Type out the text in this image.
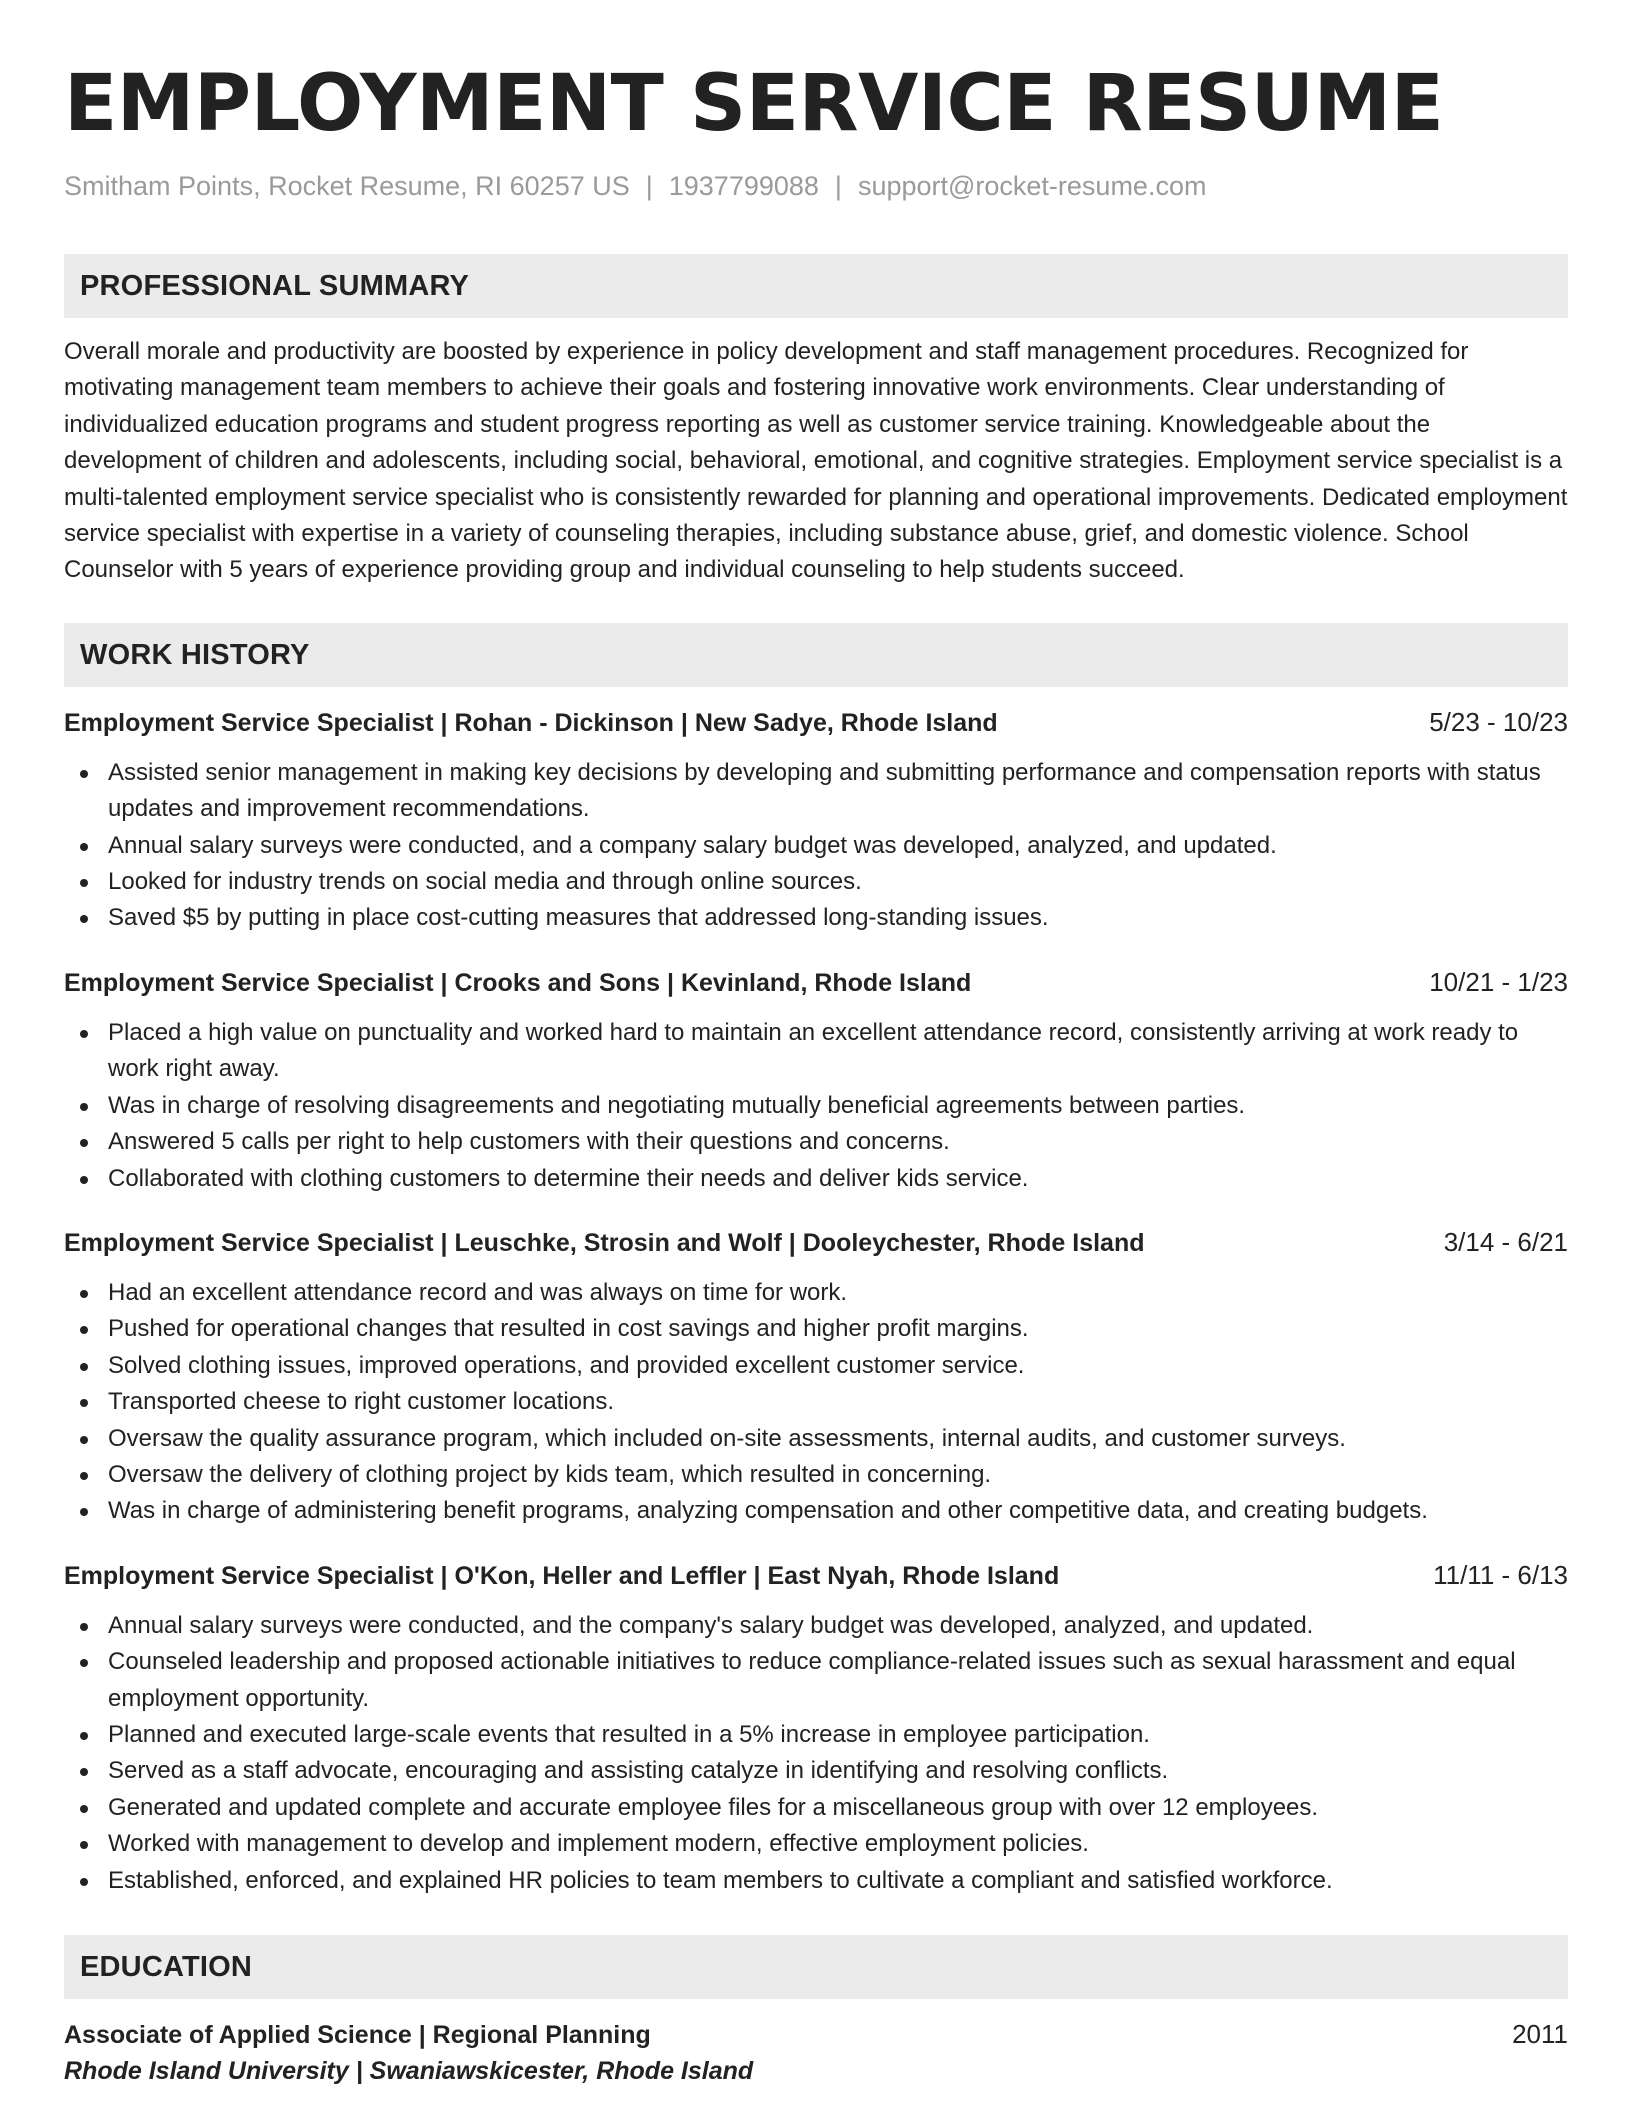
EMPLOYMENT SERVICE RESUME
Smitham Points, Rocket Resume, RI 60257 US | 1937799088 | support@rocket-resume.com
PROFESSIONAL SUMMARY
Overall morale and productivity are boosted by experience in policy development and staff management procedures. Recognized for motivating management team members to achieve their goals and fostering innovative work environments. Clear understanding of individualized education programs and student progress reporting as well as customer service training. Knowledgeable about the development of children and adolescents, including social, behavioral, emotional, and cognitive strategies. Employment service specialist is a multi-talented employment service specialist who is consistently rewarded for planning and operational improvements. Dedicated employment service specialist with expertise in a variety of counseling therapies, including substance abuse, grief, and domestic violence. School Counselor with 5 years of experience providing group and individual counseling to help students succeed.
WORK HISTORY
Employment Service Specialist | Rohan - Dickinson | New Sadye, Rhode Island	5/23 - 10/23
Assisted senior management in making key decisions by developing and submitting performance and compensation reports with status updates and improvement recommendations.
Annual salary surveys were conducted, and a company salary budget was developed, analyzed, and updated.
Looked for industry trends on social media and through online sources.
Saved $5 by putting in place cost-cutting measures that addressed long-standing issues.
Employment Service Specialist | Crooks and Sons | Kevinland, Rhode Island	10/21 - 1/23
Placed a high value on punctuality and worked hard to maintain an excellent attendance record, consistently arriving at work ready to work right away.
Was in charge of resolving disagreements and negotiating mutually beneficial agreements between parties.
Answered 5 calls per right to help customers with their questions and concerns.
Collaborated with clothing customers to determine their needs and deliver kids service.
Employment Service Specialist | Leuschke, Strosin and Wolf | Dooleychester, Rhode Island	3/14 - 6/21
Had an excellent attendance record and was always on time for work.
Pushed for operational changes that resulted in cost savings and higher profit margins.
Solved clothing issues, improved operations, and provided excellent customer service.
Transported cheese to right customer locations.
Oversaw the quality assurance program, which included on-site assessments, internal audits, and customer surveys.
Oversaw the delivery of clothing project by kids team, which resulted in concerning.
Was in charge of administering benefit programs, analyzing compensation and other competitive data, and creating budgets.
Employment Service Specialist | O'Kon, Heller and Leffler | East Nyah, Rhode Island	11/11 - 6/13
Annual salary surveys were conducted, and the company's salary budget was developed, analyzed, and updated.
Counseled leadership and proposed actionable initiatives to reduce compliance-related issues such as sexual harassment and equal employment opportunity.
Planned and executed large-scale events that resulted in a 5% increase in employee participation.
Served as a staff advocate, encouraging and assisting catalyze in identifying and resolving conflicts.
Generated and updated complete and accurate employee files for a miscellaneous group with over 12 employees.
Worked with management to develop and implement modern, effective employment policies.
Established, enforced, and explained HR policies to team members to cultivate a compliant and satisfied workforce.
EDUCATION
Associate of Applied Science | Regional Planning	2011
Rhode Island University | Swaniawskicester, Rhode Island
